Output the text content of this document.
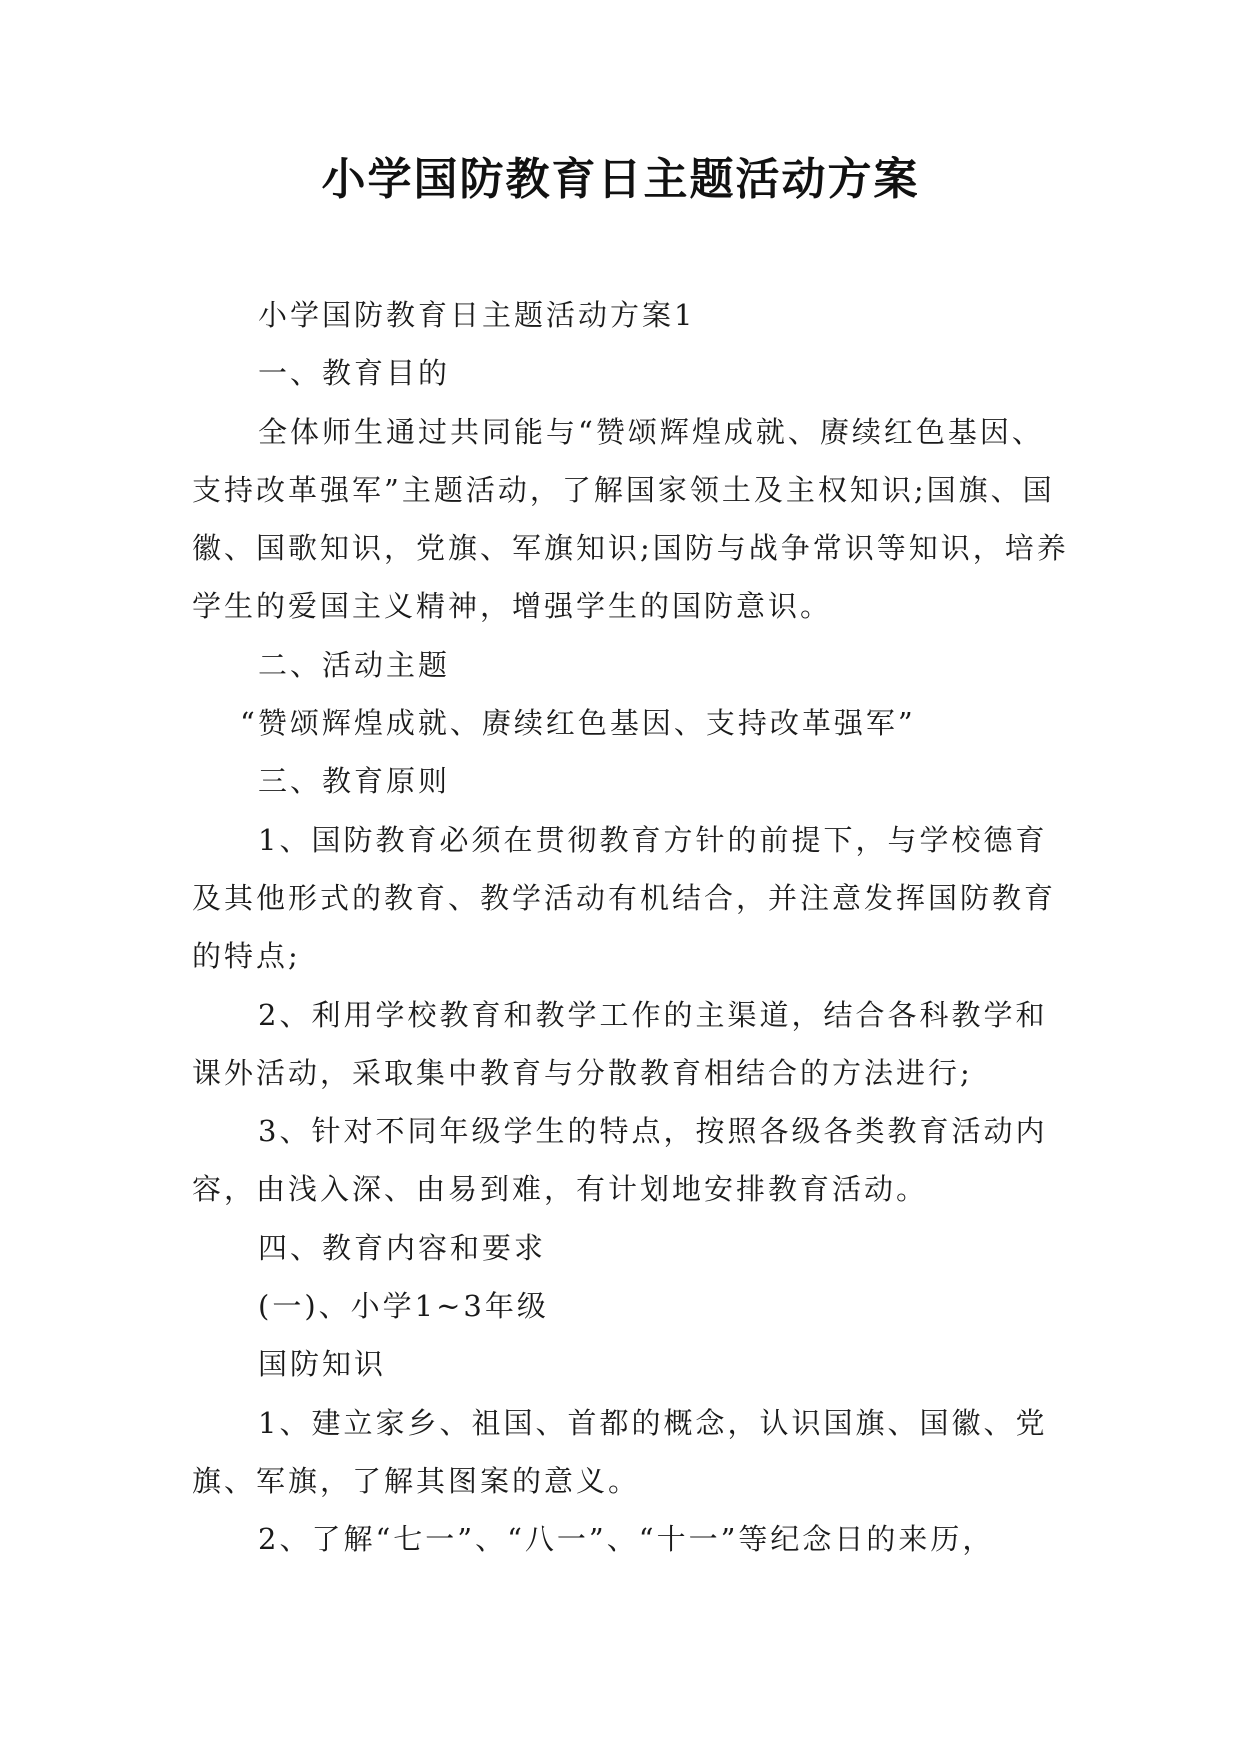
小学国防教育日主题活动方案

小学国防教育日主题活动方案1

一、教育目的

全体师生通过共同能与“赞颂辉煌成就、赓续红色基因、支持改革强军”主题活动，了解国家领土及主权知识;国旗、国徽、国歌知识，党旗、军旗知识;国防与战争常识等知识，培养学生的爱国主义精神，增强学生的国防意识。

二、活动主题

“赞颂辉煌成就、赓续红色基因、支持改革强军”

三、教育原则

1、国防教育必须在贯彻教育方针的前提下，与学校德育及其他形式的教育、教学活动有机结合，并注意发挥国防教育的特点;

2、利用学校教育和教学工作的主渠道，结合各科教学和课外活动，采取集中教育与分散教育相结合的方法进行;

3、针对不同年级学生的特点，按照各级各类教育活动内容，由浅入深、由易到难，有计划地安排教育活动。

四、教育内容和要求

(一)、小学1~3年级

国防知识

1、建立家乡、祖国、首都的概念，认识国旗、国徽、党旗、军旗，了解其图案的意义。

2、了解“七一”、“八一”、“十一”等纪念日的来历，
